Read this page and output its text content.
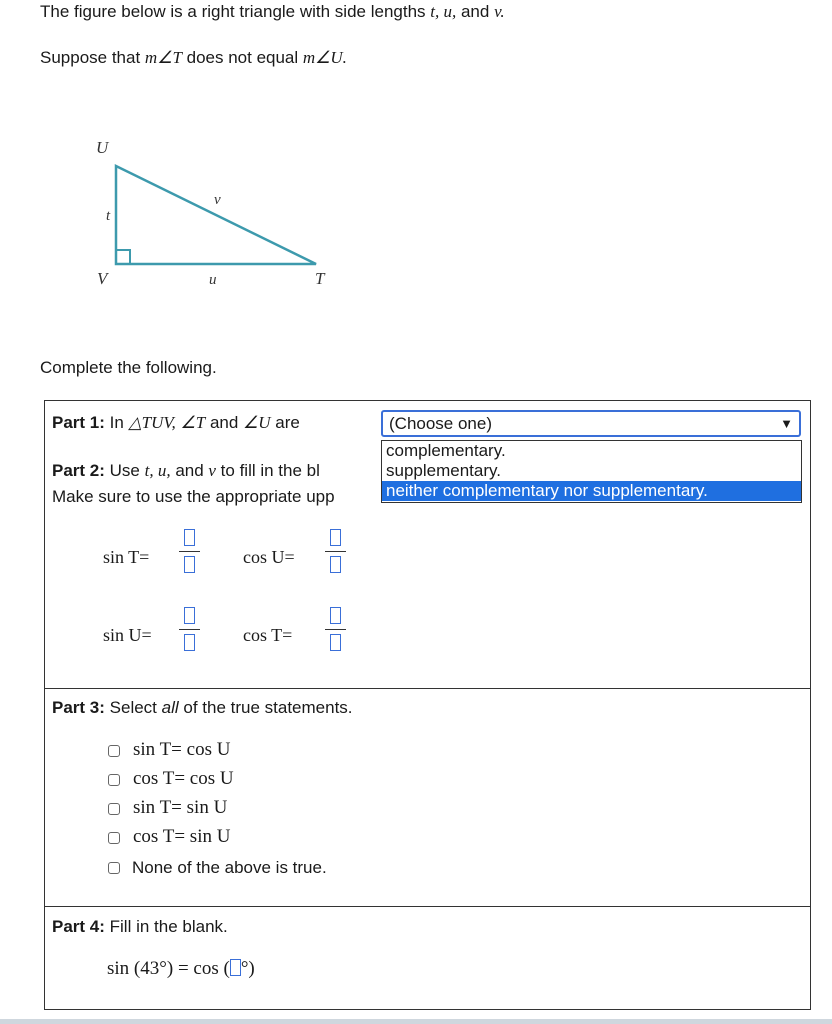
The figure below is a right triangle with side lengths t, u, and v.
Suppose that m∠T does not equal m∠U.
U
V	T
t
u
v
Complete the following.
Part 1: In △TUV, ∠T and ∠U are
Part 2: Use t, u, and v to fill in the bl
Make sure to use the appropriate upp
sin T=	cos U=
sin U=	cos T=
Part 3: Select all of the true statements.
sin T= cos U
cos T= cos U
sin T= sin U
cos T= sin U
None of the above is true.
Part 4: Fill in the blank.
sin (43°) = cos ( °)
(Choose one)	▼
complementary.
supplementary.
neither complementary nor supplementary.
